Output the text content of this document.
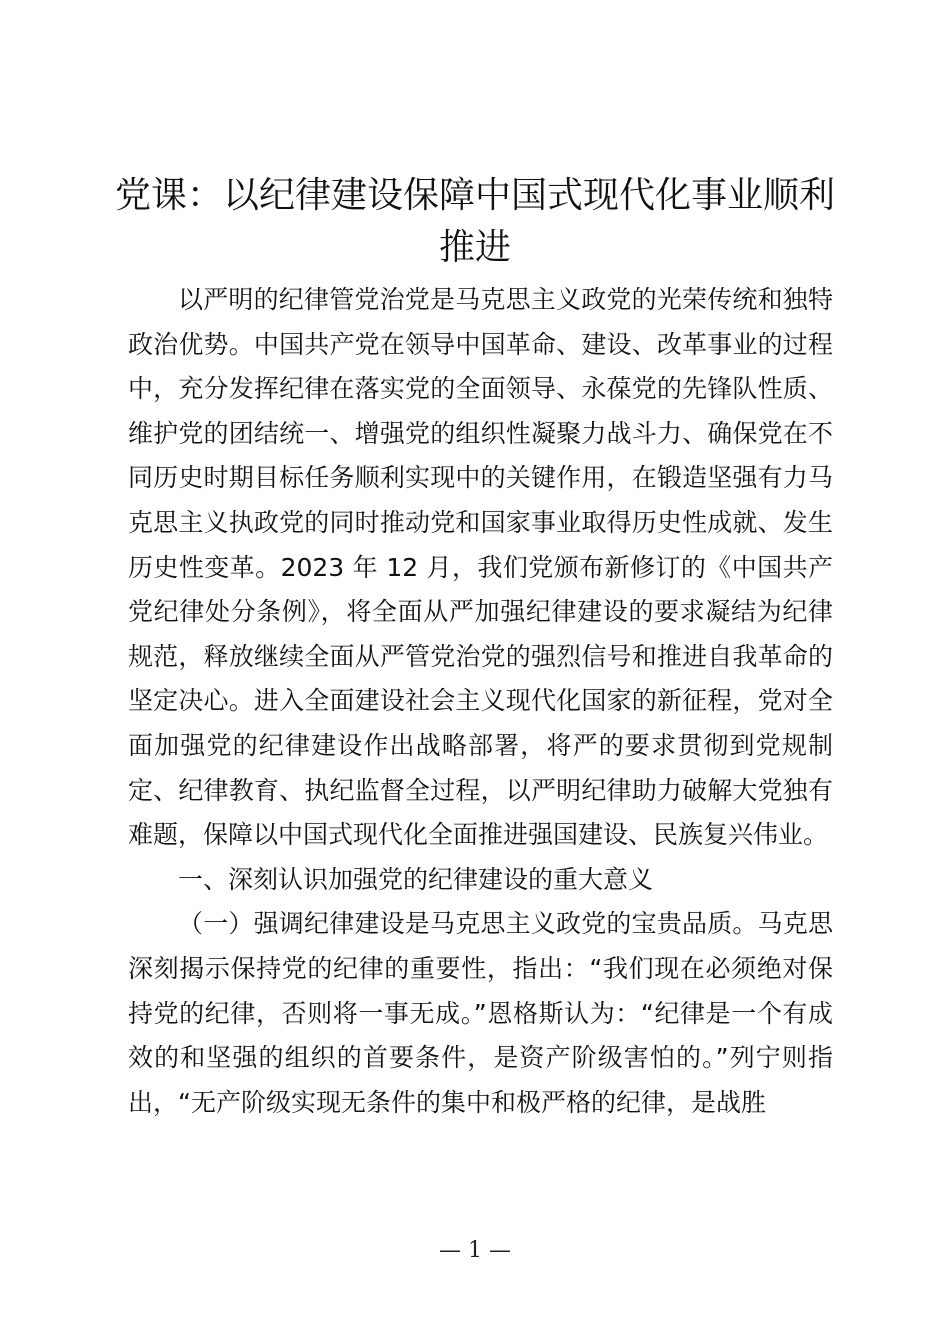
党课：以纪律建设保障中国式现代化事业顺利推进

以严明的纪律管党治党是马克思主义政党的光荣传统和独特政治优势。中国共产党在领导中国革命、建设、改革事业的过程中，充分发挥纪律在落实党的全面领导、永葆党的先锋队性质、维护党的团结统一、增强党的组织性凝聚力战斗力、确保党在不同历史时期目标任务顺利实现中的关键作用，在锻造坚强有力马克思主义执政党的同时推动党和国家事业取得历史性成就、发生历史性变革。2023 年 12 月，我们党颁布新修订的《中国共产党纪律处分条例》，将全面从严加强纪律建设的要求凝结为纪律规范，释放继续全面从严管党治党的强烈信号和推进自我革命的坚定决心。进入全面建设社会主义现代化国家的新征程，党对全面加强党的纪律建设作出战略部署，将严的要求贯彻到党规制定、纪律教育、执纪监督全过程，以严明纪律助力破解大党独有难题，保障以中国式现代化全面推进强国建设、民族复兴伟业。

一、深刻认识加强党的纪律建设的重大意义

（一）强调纪律建设是马克思主义政党的宝贵品质。马克思深刻揭示保持党的纪律的重要性，指出：“我们现在必须绝对保持党的纪律，否则将一事无成。”恩格斯认为：“纪律是一个有成效的和坚强的组织的首要条件，是资产阶级害怕的。”列宁则指出，“无产阶级实现无条件的集中和极严格的纪律，是战胜

— 1 —
